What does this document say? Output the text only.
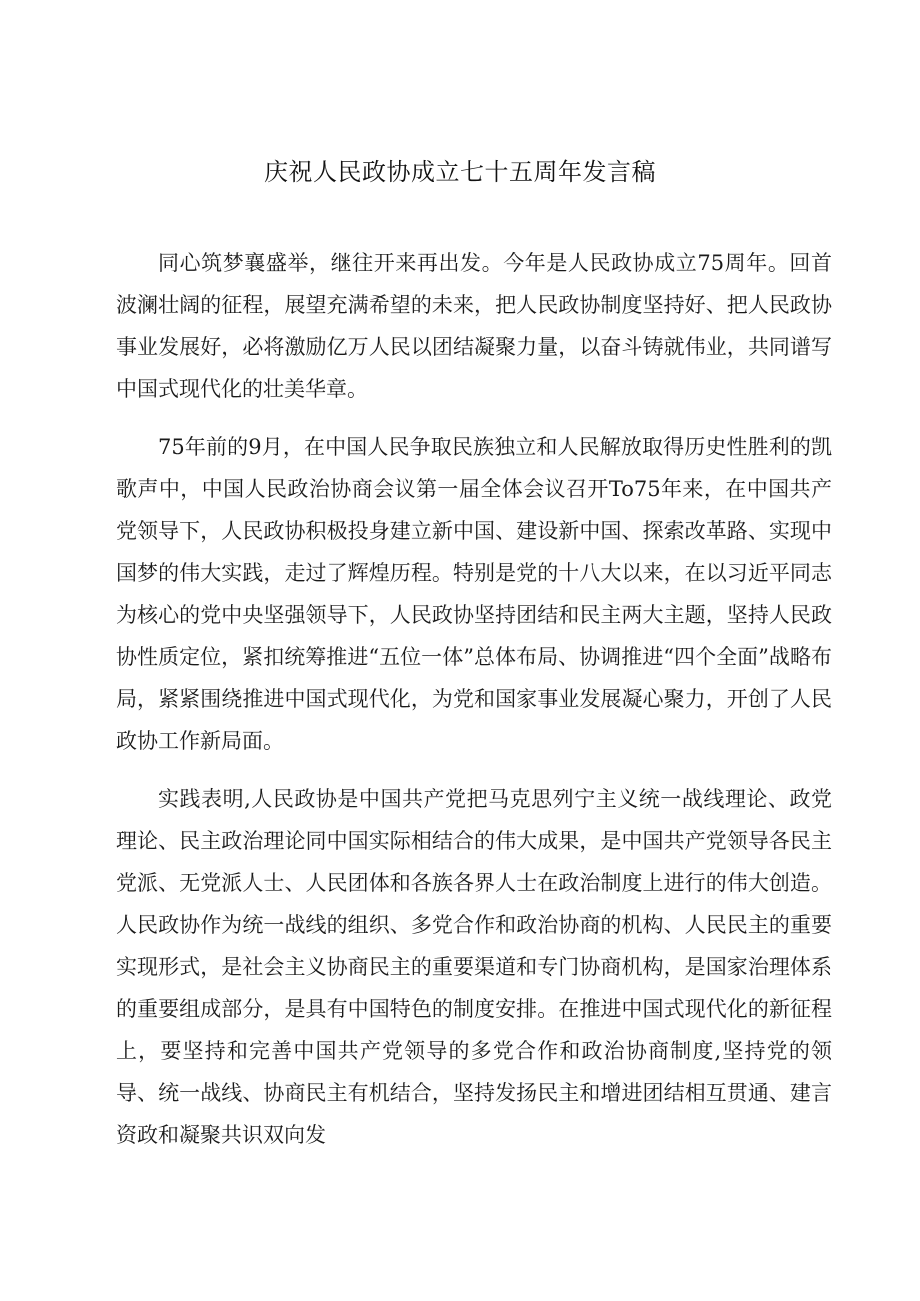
庆祝人民政协成立七十五周年发言稿

同心筑梦襄盛举，继往开来再出发。今年是人民政协成立75周年。回首波澜壮阔的征程，展望充满希望的未来，把人民政协制度坚持好、把人民政协事业发展好，必将激励亿万人民以团结凝聚力量，以奋斗铸就伟业，共同谱写中国式现代化的壮美华章。

75年前的9月，在中国人民争取民族独立和人民解放取得历史性胜利的凯歌声中，中国人民政治协商会议第一届全体会议召开To75年来，在中国共产党领导下，人民政协积极投身建立新中国、建设新中国、探索改革路、实现中国梦的伟大实践，走过了辉煌历程。特别是党的十八大以来，在以习近平同志为核心的党中央坚强领导下，人民政协坚持团结和民主两大主题，坚持人民政协性质定位，紧扣统筹推进“五位一体”总体布局、协调推进“四个全面”战略布局，紧紧围绕推进中国式现代化，为党和国家事业发展凝心聚力，开创了人民政协工作新局面。

实践表明,人民政协是中国共产党把马克思列宁主义统一战线理论、政党理论、民主政治理论同中国实际相结合的伟大成果，是中国共产党领导各民主党派、无党派人士、人民团体和各族各界人士在政治制度上进行的伟大创造。人民政协作为统一战线的组织、多党合作和政治协商的机构、人民民主的重要实现形式，是社会主义协商民主的重要渠道和专门协商机构，是国家治理体系的重要组成部分，是具有中国特色的制度安排。在推进中国式现代化的新征程上，要坚持和完善中国共产党领导的多党合作和政治协商制度,坚持党的领导、统一战线、协商民主有机结合，坚持发扬民主和增进团结相互贯通、建言资政和凝聚共识双向发
